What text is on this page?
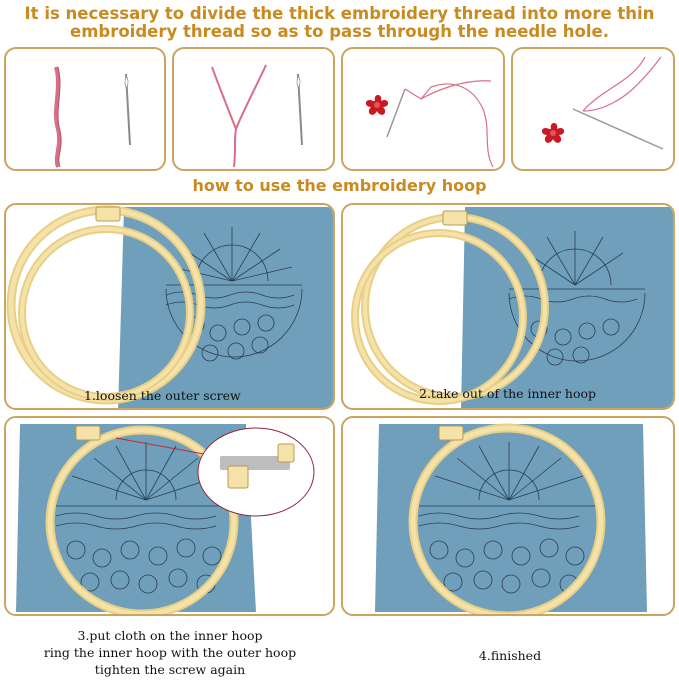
It is necessary to divide the thick embroidery thread into more thin
embroidery thread so as to pass through the needle hole.
how to use the embroidery hoop
1.loosen the outer screw	2.take out of the inner hoop
3.put cloth on the inner hoop
ring the inner hoop with the outer hoop
tighten the screw again
4.finished
